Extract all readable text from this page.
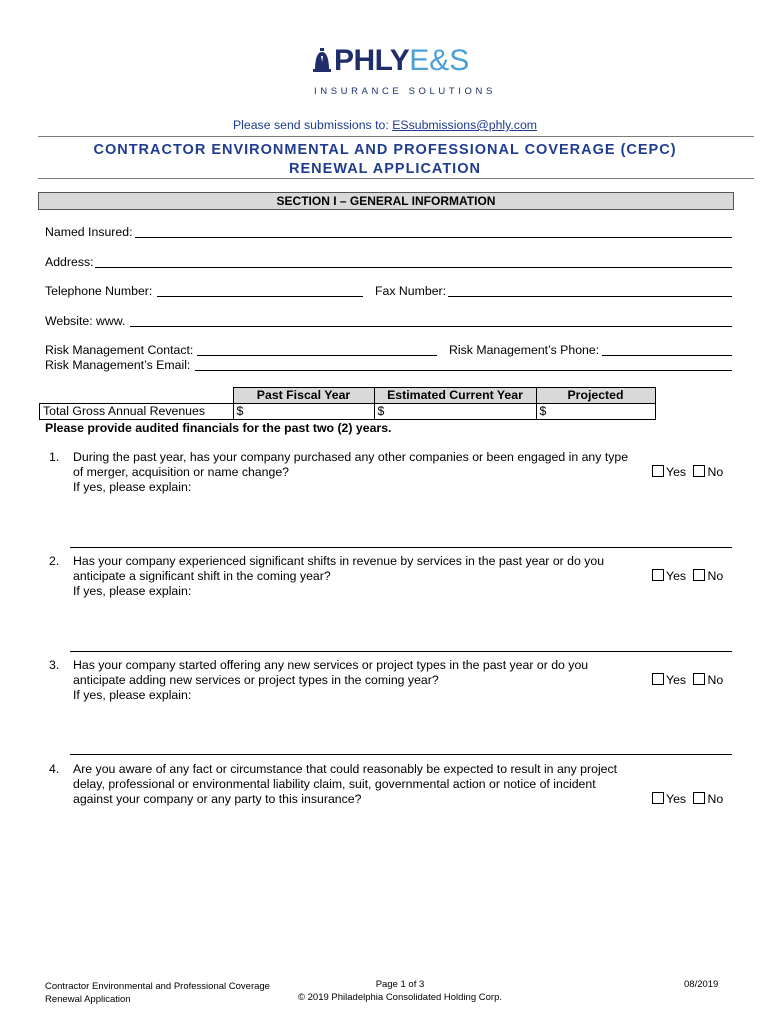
PHLYE&S
INSURANCE SOLUTIONS
Please send submissions to: ESsubmissions@phly.com
CONTRACTOR ENVIRONMENTAL AND PROFESSIONAL COVERAGE (CEPC)
RENEWAL APPLICATION
SECTION I – GENERAL INFORMATION
Named Insured:
Address:
Telephone Number:	Fax Number:
Website: www.
Risk Management Contact:	Risk Management’s Phone:
Risk Management’s Email:
	Past Fiscal Year	Estimated Current Year	Projected
Total Gross Annual Revenues	$	$	$
Please provide audited financials for the past two (2) years.
1. During the past year, has your company purchased any other companies or been engaged in any type
of merger, acquisition or name change?
If yes, please explain:
Yes No
2. Has your company experienced significant shifts in revenue by services in the past year or do you
anticipate a significant shift in the coming year?
If yes, please explain:
Yes No
3. Has your company started offering any new services or project types in the past year or do you
anticipate adding new services or project types in the coming year?
If yes, please explain:
Yes No
4. Are you aware of any fact or circumstance that could reasonably be expected to result in any project
delay, professional or environmental liability claim, suit, governmental action or notice of incident
against your company or any party to this insurance?	Yes No
Contractor Environmental and Professional Coverage
Renewal Application
Page 1 of 3
© 2019 Philadelphia Consolidated Holding Corp.
08/2019
